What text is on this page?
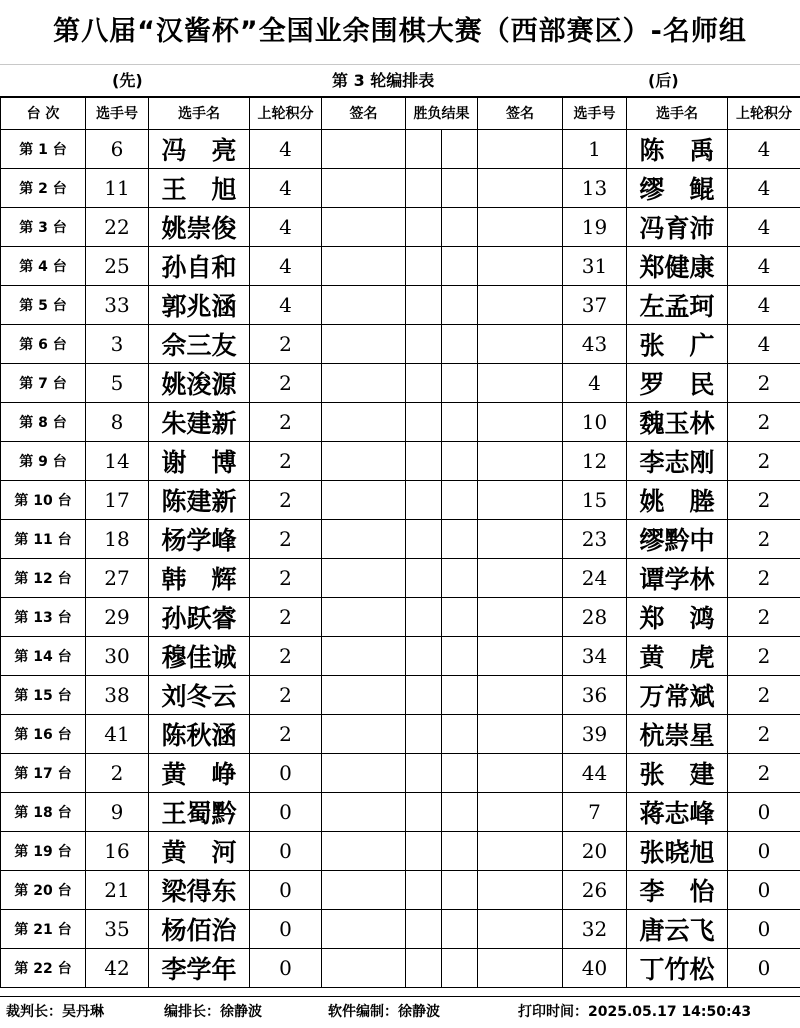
第八届“汉酱杯”全国业余围棋大赛（西部赛区）-名师组
(先)	第 3 轮编排表	(后)
台 次	选手号	选手名	上轮积分	签名	胜负结果		签名	选手号	选手名	上轮积分
第 1 台	6	冯　亮	4					1	陈　禹	4
第 2 台	11	王　旭	4					13	缪　鲲	4
第 3 台	22	姚崇俊	4					19	冯育沛	4
第 4 台	25	孙自和	4					31	郑健康	4
第 5 台	33	郭兆涵	4					37	左孟珂	4
第 6 台	3	佘三友	2					43	张　广	4
第 7 台	5	姚浚源	2					4	罗　民	2
第 8 台	8	朱建新	2					10	魏玉林	2
第 9 台	14	谢　博	2					12	李志刚	2
第 10 台	17	陈建新	2					15	姚　塍	2
第 11 台	18	杨学峰	2					23	缪黔中	2
第 12 台	27	韩　辉	2					24	谭学林	2
第 13 台	29	孙跃睿	2					28	郑　鸿	2
第 14 台	30	穆佳诚	2					34	黄　虎	2
第 15 台	38	刘冬云	2					36	万常斌	2
第 16 台	41	陈秋涵	2					39	杭崇星	2
第 17 台	2	黄　峥	0					44	张　建	2
第 18 台	9	王蜀黔	0					7	蒋志峰	0
第 19 台	16	黄　河	0					20	张晓旭	0
第 20 台	21	梁得东	0					26	李　怡	0
第 21 台	35	杨佰治	0					32	唐云飞	0
第 22 台	42	李学年	0					40	丁竹松	0
裁判长：吴丹琳	编排长：徐静波	软件编制：徐静波	打印时间：2025.05.17 14:50:43
